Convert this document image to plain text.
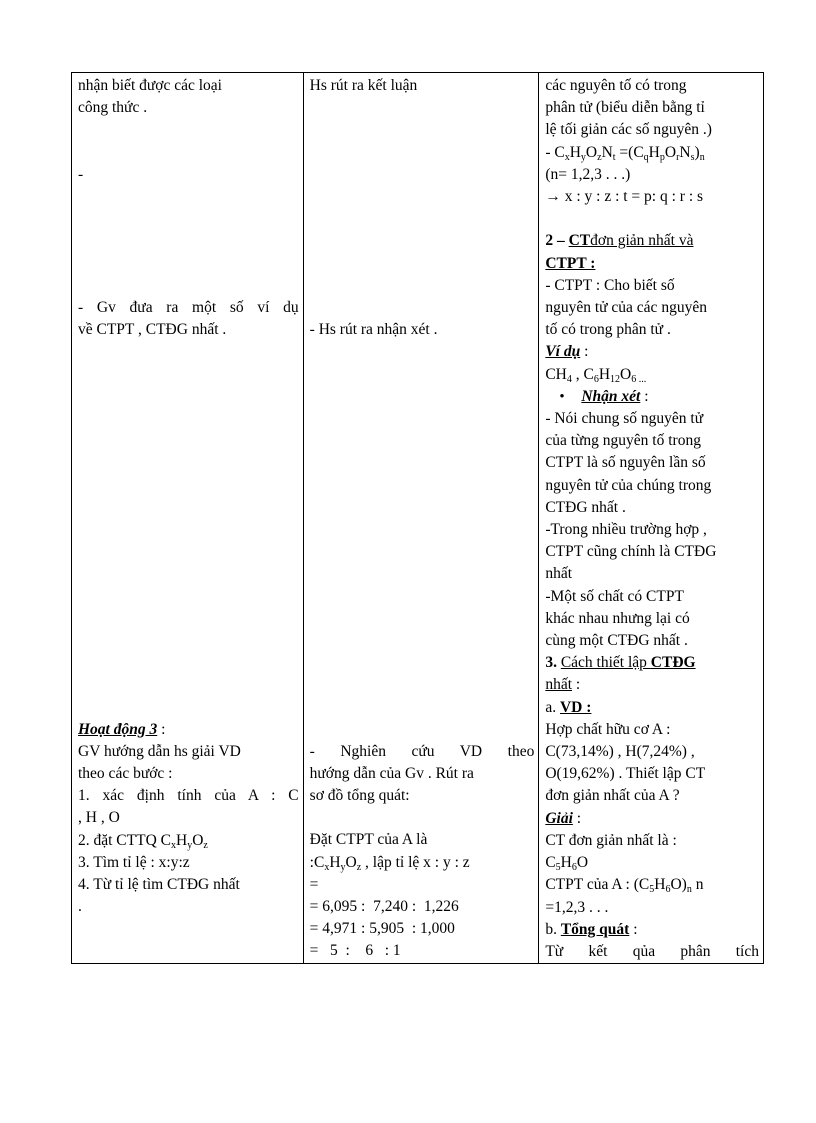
nhận biết được các loại
công thức .
-
- Gv đưa ra một số ví dụ
về CTPT , CTĐG nhất .
Hoạt động 3 :
GV hướng dẫn hs giải VD
theo các bước :
1. xác định tính của A : C
, H , O
2. đặt CTTQ $C_xH_yO_z$
3. Tìm tỉ lệ : x:y:z
4. Từ tỉ lệ tìm CTĐG nhất
.

Hs rút ra kết luận
- Hs rút ra nhận xét .
- Nghiên cứu VD theo
hướng dẫn của Gv . Rút ra
sơ đồ tổng quát:
Đặt CTPT của A là
$:C_xH_yO_z$ , lập tỉ lệ x : y : z
=
= 6,095 :  7,240 :  1,226
= 4,971 : 5,905  : 1,000
=   5  :    6   : 1

các nguyên tố có trong
phân tử (biểu diễn bằng tỉ
lệ tối giản các số nguyên .)
- $C_xH_yO_zN_t =(C_qH_pO_rN_s)_n$
(n= 1,2,3 . . .)
→ x : y : z : t = p: q : r : s
2 – CTđơn giản nhất và
CTPT :
- CTPT : Cho biết số
nguyên tử của các nguyên
tố có trong phân tử .
Ví dụ :
$CH_4$ , $C_6H_{12}O_6$ $_{...}$
• Nhận xét :
- Nói chung số nguyên tử
của từng nguyên tố trong
CTPT là số nguyên lần số
nguyên tử của chúng trong
CTĐG nhất .
-Trong nhiều trường hợp ,
CTPT cũng chính là CTĐG
nhất
-Một số chất có CTPT
khác nhau nhưng lại có
cùng một CTĐG nhất .
3. Cách thiết lập CTĐG
nhất :
a. VD :
Hợp chất hữu cơ A :
C(73,14%) , H(7,24%) ,
O(19,62%) . Thiết lập CT
đơn giản nhất của A ?
Giải :
CT đơn giản nhất là :
$C_5H_6O$
CTPT của A : $(C_5H_6O)_n$ n
=1,2,3 . . .
b. Tổng quát :
Từ kết qủa phân tích
